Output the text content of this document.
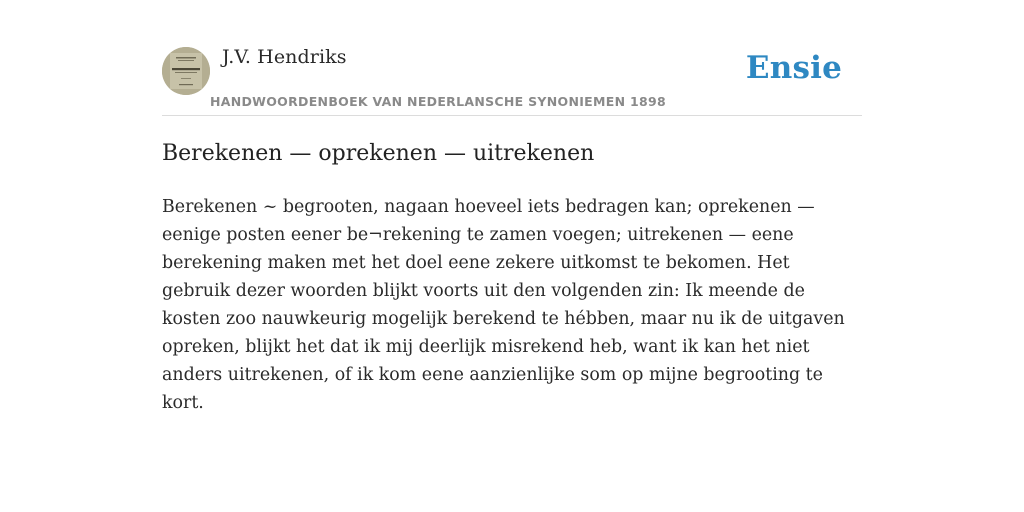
J.V. Hendriks
HANDWOORDENBOEK VAN NEDERLANSCHE SYNONIEMEN 1898
Ensie
Berekenen — oprekenen — uitrekenen

Berekenen ~ begrooten, nagaan hoeveel iets bedragen kan; oprekenen — eenige posten eener be¬rekening te zamen voegen; uitrekenen — eene berekening maken met het doel eene zekere uitkomst te bekomen. Het gebruik dezer woorden blijkt voorts uit den volgenden zin: Ik meende de kosten zoo nauwkeurig mogelijk berekend te hébben, maar nu ik de uitgaven opreken, blijkt het dat ik mij deerlijk misrekend heb, want ik kan het niet anders uitrekenen, of ik kom eene aanzienlijke som op mijne begrooting te kort.
